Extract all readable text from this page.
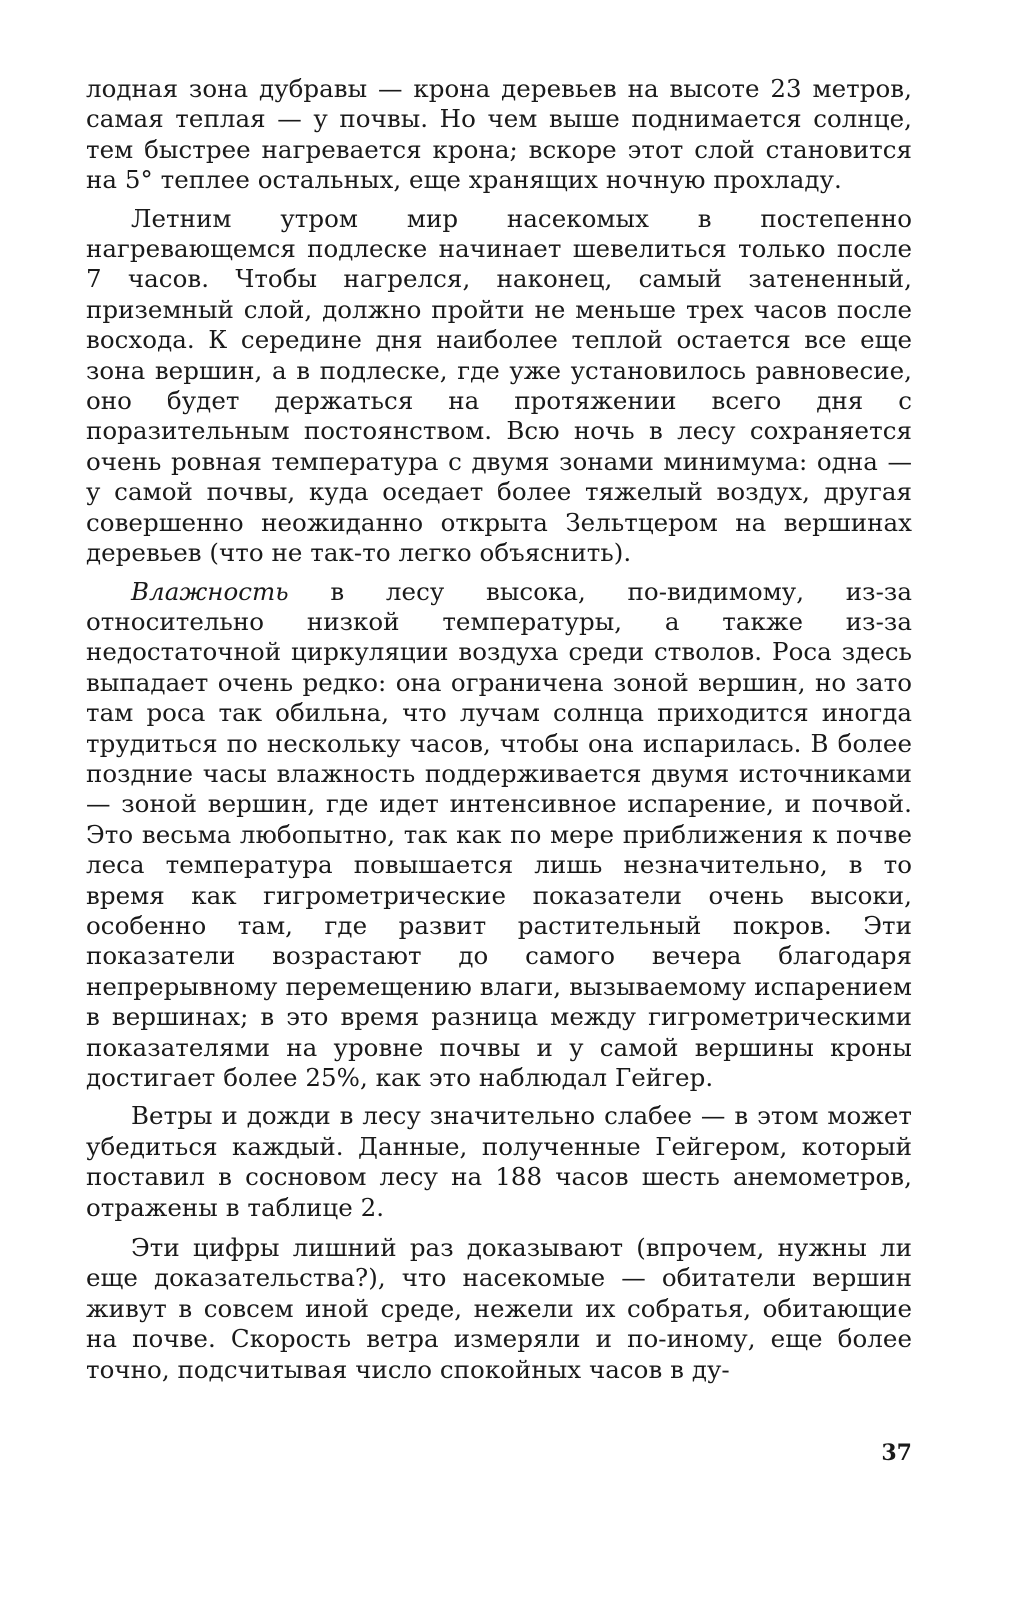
лодная зона дубравы — крона деревьев на высоте 23 метров, самая теплая — у почвы. Но чем выше поднимается солнце, тем быстрее нагревается крона; вскоре этот слой становится на 5° теплее остальных, еще хранящих ночную прохладу.

Летним утром мир насекомых в постепенно нагревающемся подлеске начинает шевелиться только после 7 часов. Чтобы нагрелся, наконец, самый затененный, приземный слой, должно пройти не меньше трех часов после восхода. К середине дня наиболее теплой остается все еще зона вершин, а в подлеске, где уже установилось равновесие, оно будет держаться на протяжении всего дня с поразительным постоянством. Всю ночь в лесу сохраняется очень ровная температура с двумя зонами минимума: одна — у самой почвы, куда оседает более тяжелый воздух, другая совершенно неожиданно открыта Зельтцером на вершинах деревьев (что не так-то легко объяснить).

Влажность в лесу высока, по-видимому, из-за относительно низкой температуры, а также из-за недостаточной циркуляции воздуха среди стволов. Роса здесь выпадает очень редко: она ограничена зоной вершин, но зато там роса так обильна, что лучам солнца приходится иногда трудиться по нескольку часов, чтобы она испарилась. В более поздние часы влажность поддерживается двумя источниками — зоной вершин, где идет интенсивное испарение, и почвой. Это весьма любопытно, так как по мере приближения к почве леса температура повышается лишь незначительно, в то время как гигрометрические показатели очень высоки, особенно там, где развит растительный покров. Эти показатели возрастают до самого вечера благодаря непрерывному перемещению влаги, вызываемому испарением в вершинах; в это время разница между гигрометрическими показателями на уровне почвы и у самой вершины кроны достигает более 25%, как это наблюдал Гейгер.

Ветры и дожди в лесу значительно слабее — в этом может убедиться каждый. Данные, полученные Гейгером, который поставил в сосновом лесу на 188 часов шесть анемометров, отражены в таблице 2.

Эти цифры лишний раз доказывают (впрочем, нужны ли еще доказательства?), что насекомые — обитатели вершин живут в совсем иной среде, нежели их собратья, обитающие на почве. Скорость ветра измеряли и по-иному, еще более точно, подсчитывая число спокойных часов в ду-

37
